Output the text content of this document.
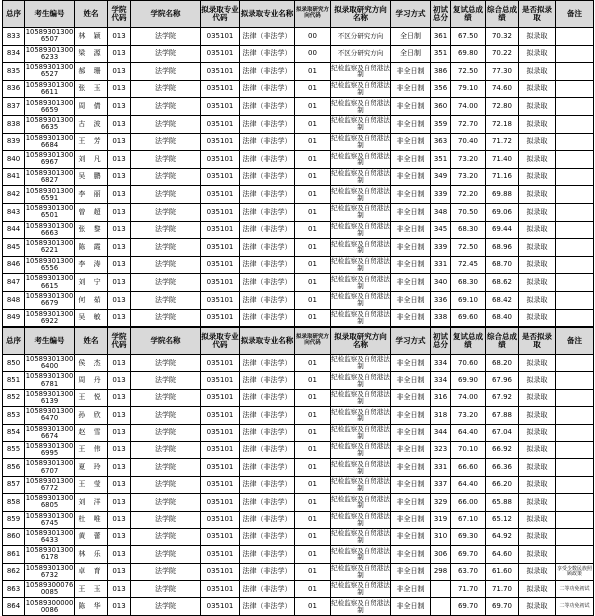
总序	考生编号	姓名	学院代码	学院名称	拟录取专业代码	拟录取专业名称	拟录取研究方向代码	拟录取研究方向名称	学习方式	初试总分	复试总成绩	综合总成绩	是否拟录取	备注
833	105893013006507	林 颖	013	法学院	035101	法律（非法学）	00	不区分研究方向	全日制	361	67.50	70.32	拟录取	
834	105893013006233	梁 源	013	法学院	035101	法律（非法学）	00	不区分研究方向	全日制	351	69.80	70.22	拟录取	
835	105893013006527	郝 珊	013	法学院	035101	法律（非法学）	01	纪检监察及自贸港法制	非全日制	386	72.50	77.30	拟录取	
836	105893013006611	张 玉	013	法学院	035101	法律（非法学）	01	纪检监察及自贸港法制	非全日制	356	79.10	74.60	拟录取	
837	105893013006659	周 倩	013	法学院	035101	法律（非法学）	01	纪检监察及自贸港法制	非全日制	360	74.00	72.80	拟录取	
838	105893013006635	古 波	013	法学院	035101	法律（非法学）	01	纪检监察及自贸港法制	非全日制	359	72.70	72.18	拟录取	
839	105893013006684	王 芳	013	法学院	035101	法律（非法学）	01	纪检监察及自贸港法制	非全日制	363	70.40	71.72	拟录取	
840	105893013006967	刘 凡	013	法学院	035101	法律（非法学）	01	纪检监察及自贸港法制	非全日制	351	73.20	71.40	拟录取	
841	105893013006827	吴 鹏	013	法学院	035101	法律（非法学）	01	纪检监察及自贸港法制	非全日制	349	73.20	71.16	拟录取	
842	105893013006591	李 丽	013	法学院	035101	法律（非法学）	01	纪检监察及自贸港法制	非全日制	339	72.20	69.88	拟录取	
843	105893013006501	曾 超	013	法学院	035101	法律（非法学）	01	纪检监察及自贸港法制	非全日制	348	70.50	69.06	拟录取	
844	105893013006663	张 黎	013	法学院	035101	法律（非法学）	01	纪检监察及自贸港法制	非全日制	345	68.30	69.44	拟录取	
845	105893013006221	陈 霞	013	法学院	035101	法律（非法学）	01	纪检监察及自贸港法制	非全日制	339	72.50	68.96	拟录取	
846	105893013006556	李 涛	013	法学院	035101	法律（非法学）	01	纪检监察及自贸港法制	非全日制	331	72.45	68.70	拟录取	
847	105893013006615	刘 宁	013	法学院	035101	法律（非法学）	01	纪检监察及自贸港法制	非全日制	340	68.30	68.62	拟录取	
848	105893013006679	何 茹	013	法学院	035101	法律（非法学）	01	纪检监察及自贸港法制	非全日制	336	69.10	68.42	拟录取	
849	105893013006922	吴 敏	013	法学院	035101	法律（非法学）	01	纪检监察及自贸港法制	非全日制	338	69.60	68.40	拟录取	
总序	考生编号	姓名	学院代码	学院名称	拟录取专业代码	拟录取专业名称	拟录取研究方向代码	拟录取研究方向名称	学习方式	初试总分	复试总成绩	综合总成绩	是否拟录取	备注
850	105893013006400	侯 杰	013	法学院	035101	法律（非法学）	01	纪检监察及自贸港法制	非全日制	334	70.60	68.20	拟录取	
851	105893013006781	周 丹	013	法学院	035101	法律（非法学）	01	纪检监察及自贸港法制	非全日制	334	69.90	67.96	拟录取	
852	105893013006139	王 悦	013	法学院	035101	法律（非法学）	01	纪检监察及自贸港法制	非全日制	316	74.00	67.92	拟录取	
853	105893013006470	孙 欣	013	法学院	035101	法律（非法学）	01	纪检监察及自贸港法制	非全日制	318	73.20	67.88	拟录取	
854	105893013006674	赵 雪	013	法学院	035101	法律（非法学）	01	纪检监察及自贸港法制	非全日制	344	64.40	67.04	拟录取	
855	105893013006995	王 伟	013	法学院	035101	法律（非法学）	01	纪检监察及自贸港法制	非全日制	323	70.10	66.92	拟录取	
856	105893013006707	夏 玲	013	法学院	035101	法律（非法学）	01	纪检监察及自贸港法制	非全日制	331	66.60	66.36	拟录取	
857	105893013006772	王 莹	013	法学院	035101	法律（非法学）	01	纪检监察及自贸港法制	非全日制	337	64.40	66.20	拟录取	
858	105893013006805	刘 洋	013	法学院	035101	法律（非法学）	01	纪检监察及自贸港法制	非全日制	329	66.00	65.88	拟录取	
859	105893013006745	杜 唯	013	法学院	035101	法律（非法学）	01	纪检监察及自贸港法制	非全日制	319	67.10	65.12	拟录取	
860	105893013006433	黄 蕾	013	法学院	035101	法律（非法学）	01	纪检监察及自贸港法制	非全日制	310	69.30	64.92	拟录取	
861	105893013006178	林 乐	013	法学院	035101	法律（非法学）	01	纪检监察及自贸港法制	非全日制	306	69.70	64.60	拟录取	
862	105893013006732	卓 育	013	法学院	035101	法律（非法学）	01	纪检监察及自贸港法制	非全日制	298	63.70	61.60	拟录取	享受少数民族照顾政策
863	105893000760085	王 玉	013	法学院	035101	法律（非法学）	01	纪检监察及自贸港法制	非全日制		71.70	71.70	拟录取	二等功免初试
864	105893000000086	陈 华	013	法学院	035101	法律（非法学）	01	纪检监察及自贸港法制	非全日制		69.70	69.70	拟录取	二等功免初试
